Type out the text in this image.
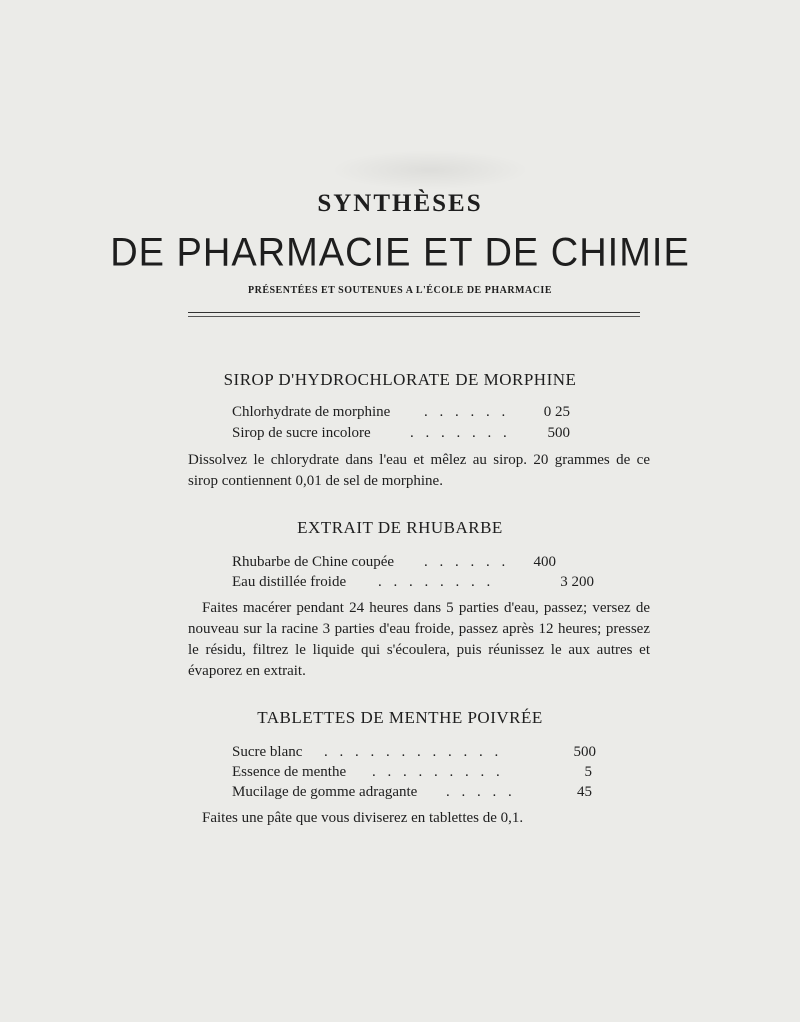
SYNTHÈSES
DE PHARMACIE ET DE CHIMIE
PRÉSENTÉES ET SOUTENUES A L'ÉCOLE DE PHARMACIE
SIROP D'HYDROCHLORATE DE MORPHINE
Chlorhydrate de morphine . . . . . . 0 25
Sirop de sucre incolore	. . . . . . . 500
Dissolvez le chlorydrate dans l'eau et mêlez au sirop. 20 grammes de ce sirop contiennent 0,01 de sel de morphine.
EXTRAIT DE RHUBARBE
Rhubarbe de Chine coupée . . . . . . 400
Eau distillée froide . . . . . . . .	3 200
Faites macérer pendant 24 heures dans 5 parties d'eau, passez; versez de nouveau sur la racine 3 parties d'eau froide, passez après 12 heures; pressez le résidu, filtrez le liquide qui s'écoulera, puis réunissez le aux autres et évaporez en extrait.
TABLETTES DE MENTHE POIVRÉE
Sucre blanc . . . . . . . . . . . .	500
Essence de menthe . . . . . . . . .	5
Mucilage de gomme adragante . . . . .	45
Faites une pâte que vous diviserez en tablettes de 0,1.
